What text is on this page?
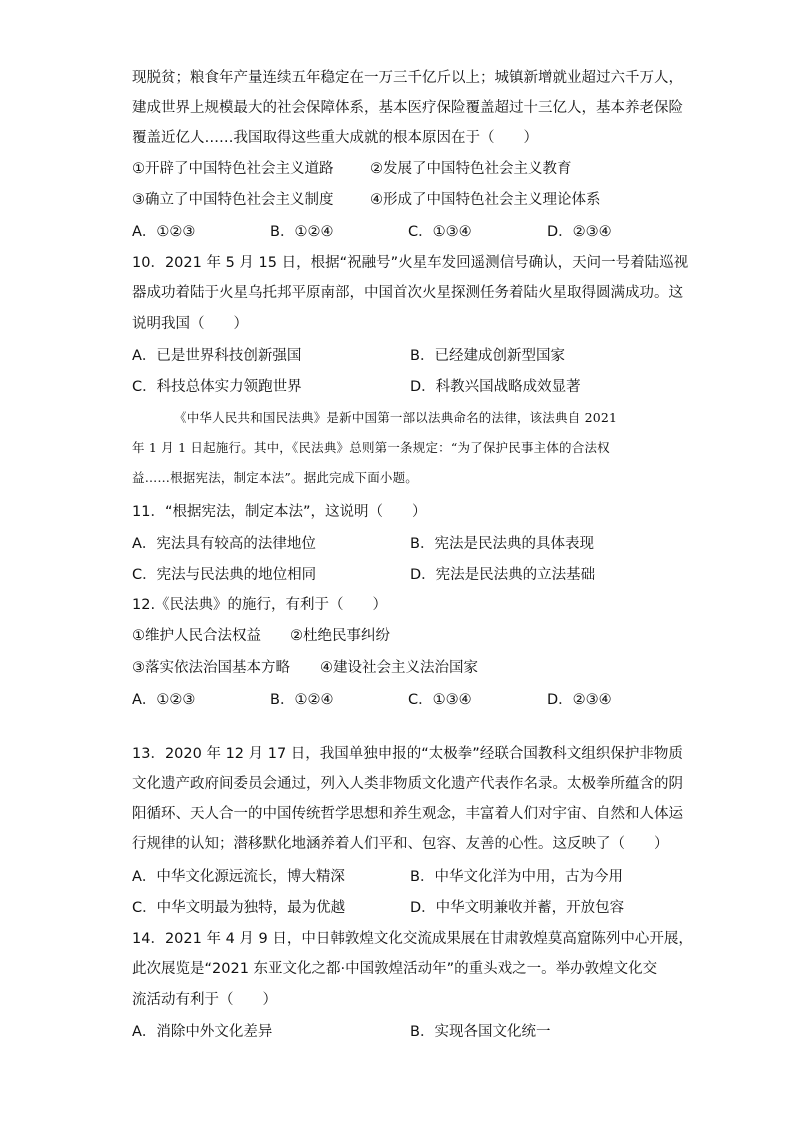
现脱贫；粮食年产量连续五年稳定在一万三千亿斤以上；城镇新增就业超过六千万人，
建成世界上规模最大的社会保障体系，基本医疗保险覆盖超过十三亿人，基本养老保险
覆盖近亿人……我国取得这些重大成就的根本原因在于（　　）
①开辟了中国特色社会主义道路	②发展了中国特色社会主义教育
③确立了中国特色社会主义制度	④形成了中国特色社会主义理论体系
A．①②③	B．①②④	C．①③④	D．②③④
10．2021 年 5 月 15 日，根据“祝融号”火星车发回遥测信号确认，天问一号着陆巡视
器成功着陆于火星乌托邦平原南部，中国首次火星探测任务着陆火星取得圆满成功。这
说明我国（　　）
A．已是世界科技创新强国	B．已经建成创新型国家
C．科技总体实力领跑世界	D．科教兴国战略成效显著
《中华人民共和国民法典》是新中国第一部以法典命名的法律，该法典自 2021
年 1 月 1 日起施行。其中，《民法典》总则第一条规定：“为了保护民事主体的合法权
益……根据宪法，制定本法”。据此完成下面小题。
11．“根据宪法，制定本法”，这说明（　　）
A．宪法具有较高的法律地位	B．宪法是民法典的具体表现
C．宪法与民法典的地位相同	D．宪法是民法典的立法基础
12.《民法典》的施行，有利于（　　）
①维护人民合法权益 ②杜绝民事纠纷
③落实依法治国基本方略 ④建设社会主义法治国家
A．①②③	B．①②④	C．①③④	D．②③④
13．2020 年 12 月 17 日，我国单独申报的“太极拳”经联合国教科文组织保护非物质
文化遗产政府间委员会通过，列入人类非物质文化遗产代表作名录。太极拳所蕴含的阴
阳循环、天人合一的中国传统哲学思想和养生观念，丰富着人们对宇宙、自然和人体运
行规律的认知；潜移默化地涵养着人们平和、包容、友善的心性。这反映了（　　）
A．中华文化源远流长，博大精深	B．中华文化洋为中用，古为今用
C．中华文明最为独特，最为优越	D．中华文明兼收并蓄，开放包容
14．2021 年 4 月 9 日，中日韩敦煌文化交流成果展在甘肃敦煌莫高窟陈列中心开展，
此次展览是“2021 东亚文化之都·中国敦煌活动年”的重头戏之一。举办敦煌文化交
流活动有利于（　　）
A．消除中外文化差异	B．实现各国文化统一
